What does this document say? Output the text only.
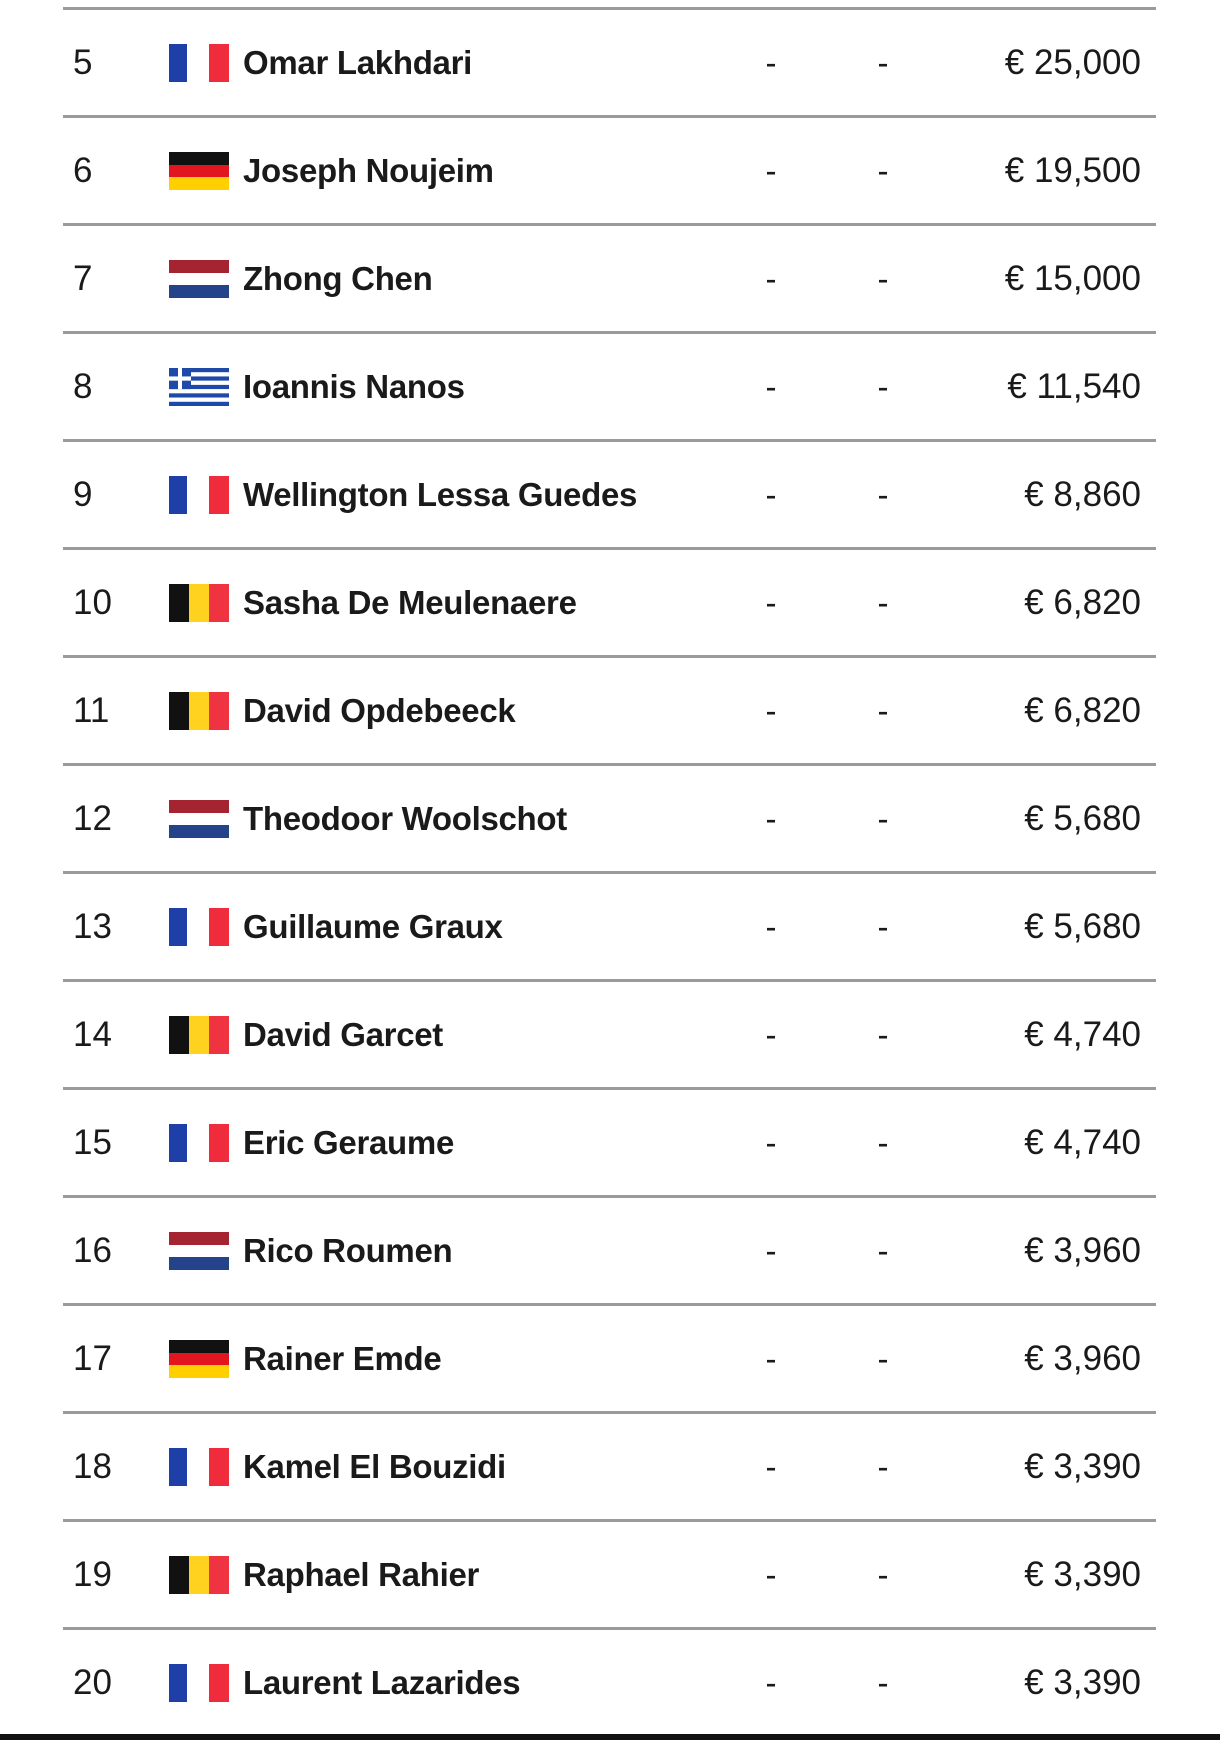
5	Omar Lakhdari	-	-	€ 25,000
6	Joseph Noujeim	-	-	€ 19,500
7	Zhong Chen	-	-	€ 15,000
8	Ioannis Nanos	-	-	€ 11,540
9	Wellington Lessa Guedes	-	-	€ 8,860
10	Sasha De Meulenaere	-	-	€ 6,820
11	David Opdebeeck	-	-	€ 6,820
12	Theodoor Woolschot	-	-	€ 5,680
13	Guillaume Graux	-	-	€ 5,680
14	David Garcet	-	-	€ 4,740
15	Eric Geraume	-	-	€ 4,740
16	Rico Roumen	-	-	€ 3,960
17	Rainer Emde	-	-	€ 3,960
18	Kamel El Bouzidi	-	-	€ 3,390
19	Raphael Rahier	-	-	€ 3,390
20	Laurent Lazarides	-	-	€ 3,390
